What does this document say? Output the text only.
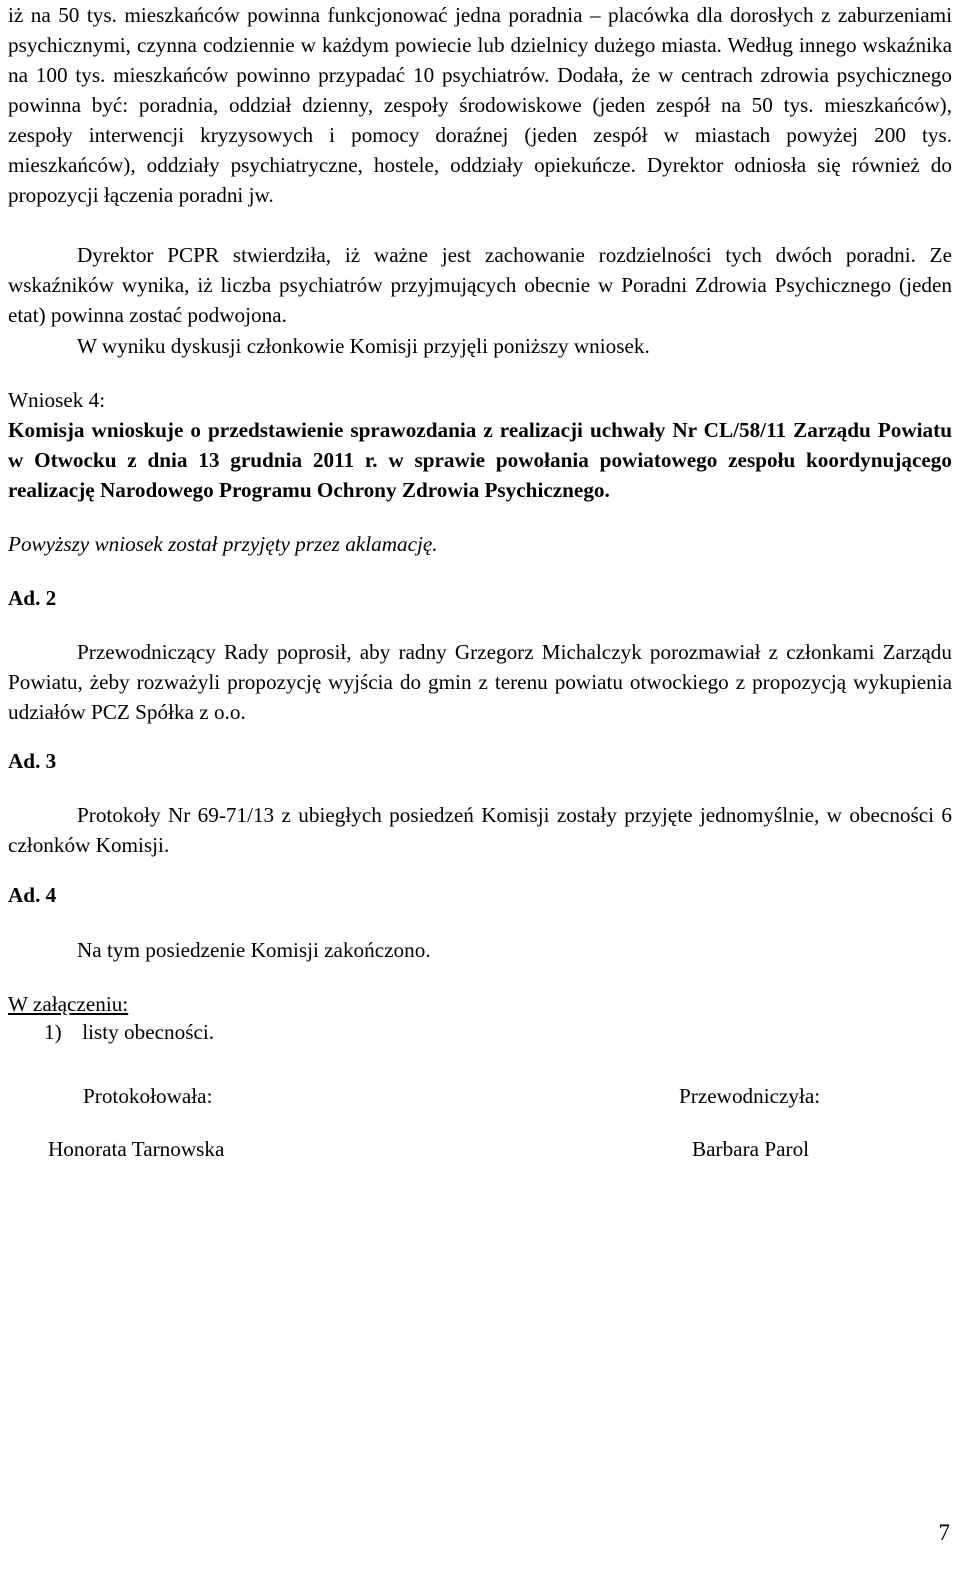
iż na 50 tys. mieszkańców powinna funkcjonować jedna poradnia – placówka dla dorosłych z zaburzeniami psychicznymi, czynna codziennie w każdym powiecie lub dzielnicy dużego miasta. Według innego wskaźnika na 100 tys. mieszkańców powinno przypadać 10 psychiatrów. Dodała, że w centrach zdrowia psychicznego powinna być: poradnia, oddział dzienny, zespoły środowiskowe (jeden zespół na 50 tys. mieszkańców), zespoły interwencji kryzysowych i pomocy doraźnej (jeden zespół w miastach powyżej 200 tys. mieszkańców), oddziały psychiatryczne, hostele, oddziały opiekuńcze. Dyrektor odniosła się również do propozycji łączenia poradni jw.

Dyrektor PCPR stwierdziła, iż ważne jest zachowanie rozdzielności tych dwóch poradni. Ze wskaźników wynika, iż liczba psychiatrów przyjmujących obecnie w Poradni Zdrowia Psychicznego (jeden etat) powinna zostać podwojona.

W wyniku dyskusji członkowie Komisji przyjęli poniższy wniosek.

Wniosek 4:

Komisja wnioskuje o przedstawienie sprawozdania z realizacji uchwały Nr CL/58/11 Zarządu Powiatu w Otwocku z dnia 13 grudnia 2011 r. w sprawie powołania powiatowego zespołu koordynującego realizację Narodowego Programu Ochrony Zdrowia Psychicznego.

Powyższy wniosek został przyjęty przez aklamację.

Ad. 2

Przewodniczący Rady poprosił, aby radny Grzegorz Michalczyk porozmawiał z członkami Zarządu Powiatu, żeby rozważyli propozycję wyjścia do gmin z terenu powiatu otwockiego z propozycją wykupienia udziałów PCZ Spółka z o.o.

Ad. 3

Protokoły Nr 69-71/13 z ubiegłych posiedzeń Komisji zostały przyjęte jednomyślnie, w obecności 6 członków Komisji.

Ad. 4

Na tym posiedzenie Komisji zakończono.

W załączeniu:

1) listy obecności.
Protokołowała:
Honorata Tarnowska
Przewodniczyła:
Barbara Parol
7
